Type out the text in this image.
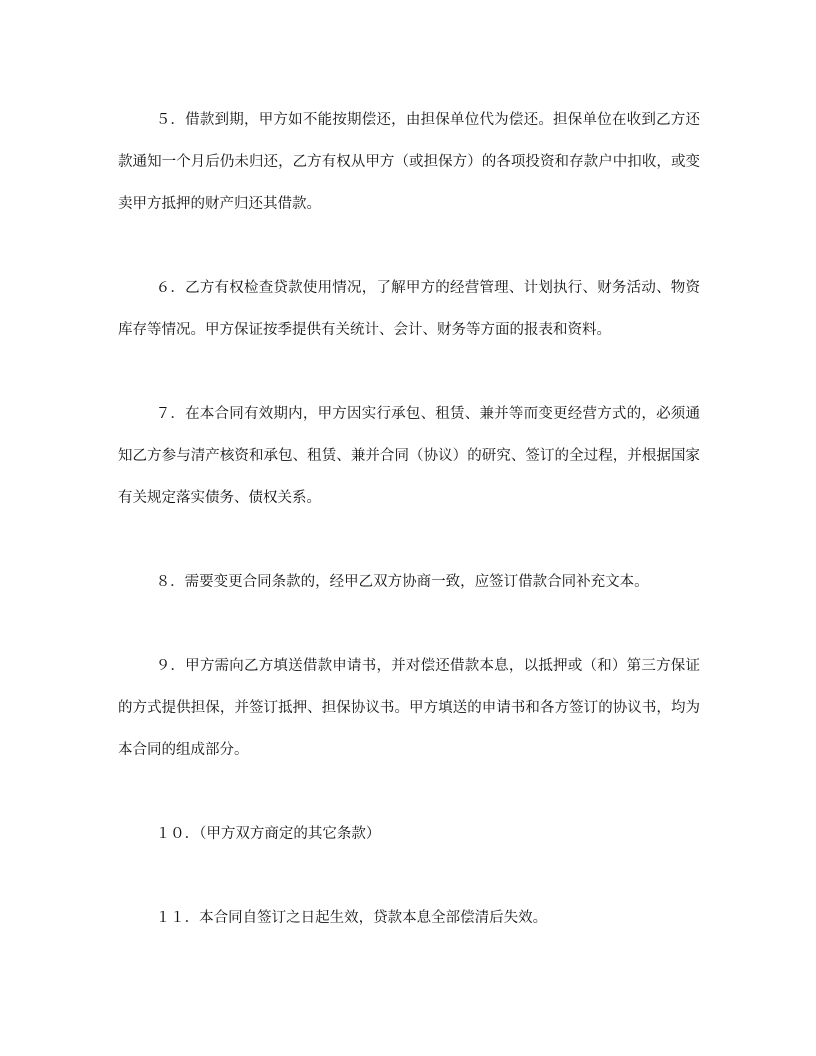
５．借款到期，甲方如不能按期偿还，由担保单位代为偿还。担保单位在收到乙方还款通知一个月后仍未归还，乙方有权从甲方（或担保方）的各项投资和存款户中扣收，或变卖甲方抵押的财产归还其借款。

６．乙方有权检查贷款使用情况，了解甲方的经营管理、计划执行、财务活动、物资库存等情况。甲方保证按季提供有关统计、会计、财务等方面的报表和资料。

７．在本合同有效期内，甲方因实行承包、租赁、兼并等而变更经营方式的，必须通知乙方参与清产核资和承包、租赁、兼并合同（协议）的研究、签订的全过程，并根据国家有关规定落实债务、债权关系。

８．需要变更合同条款的，经甲乙双方协商一致，应签订借款合同补充文本。

９．甲方需向乙方填送借款申请书，并对偿还借款本息，以抵押或（和）第三方保证的方式提供担保，并签订抵押、担保协议书。甲方填送的申请书和各方签订的协议书，均为本合同的组成部分。

１０．（甲方双方商定的其它条款）

１１．本合同自签订之日起生效，贷款本息全部偿清后失效。
